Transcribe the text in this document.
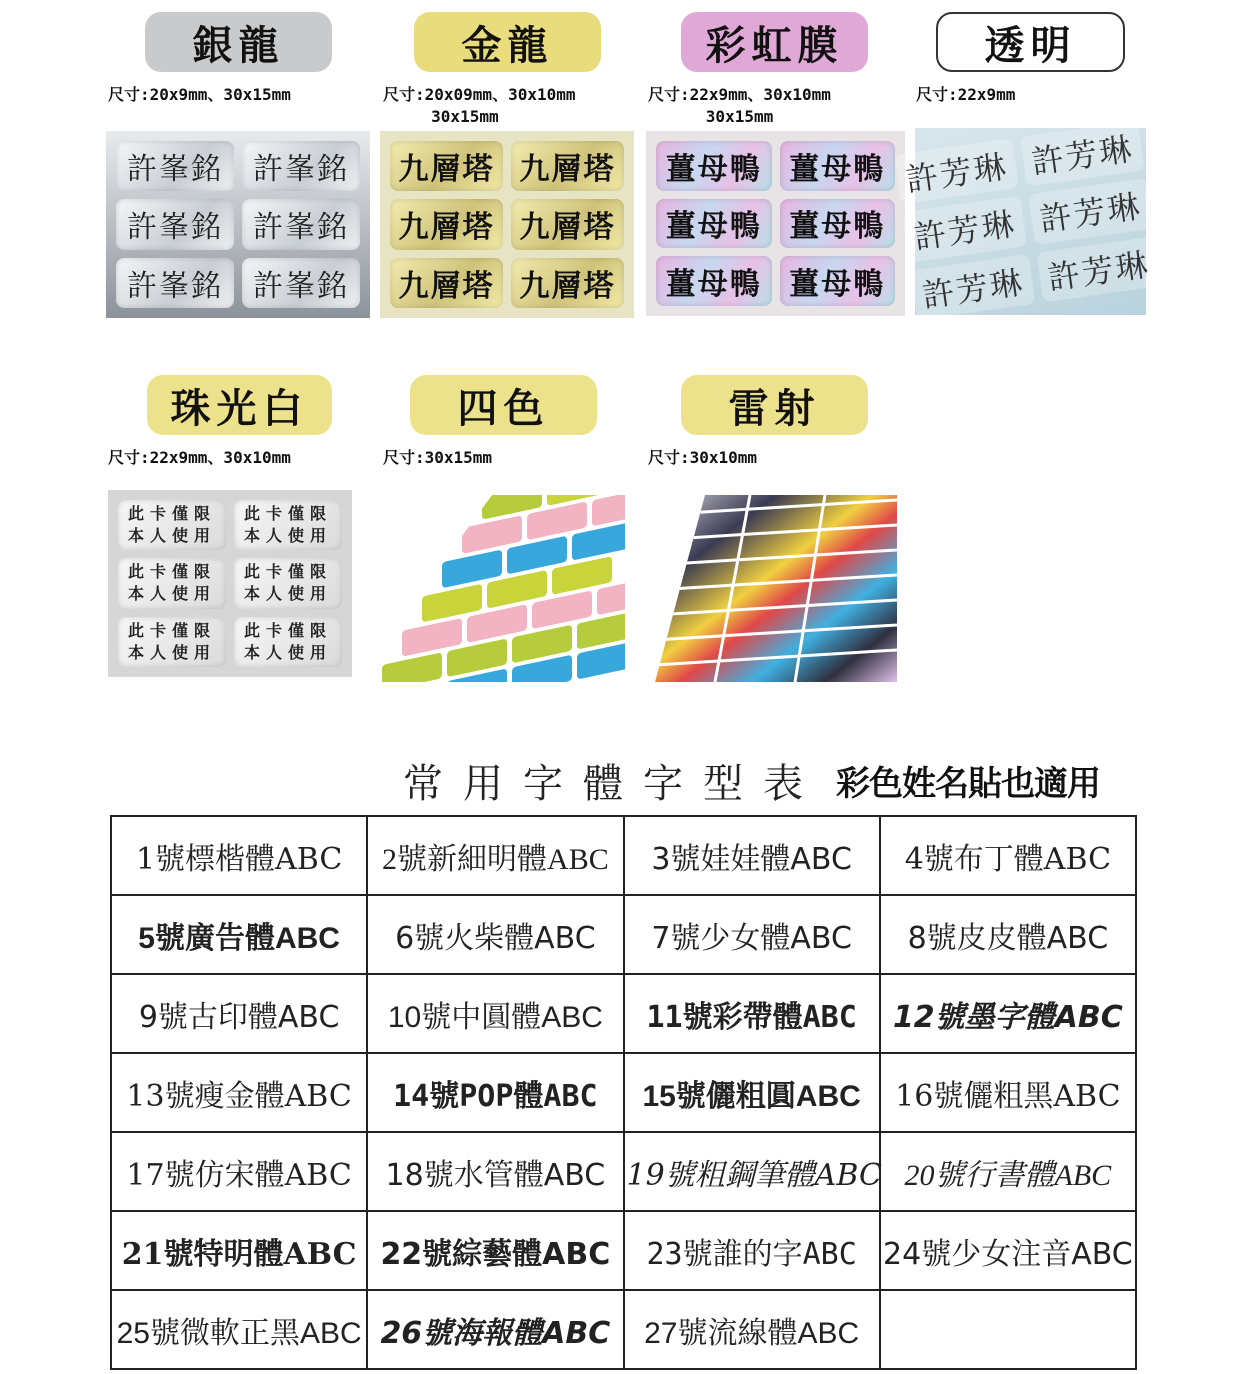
銀龍
尺寸:20x9mm、30x15mm
許峯銘	許峯銘
許峯銘	許峯銘
許峯銘	許峯銘
金龍
尺寸:20x09mm、30x10mm
30x15mm
九層塔 九層塔
九層塔 九層塔
九層塔 九層塔
彩虹膜
尺寸:22x9mm、30x10mm
30x15mm
薑母鴨 薑母鴨
薑母鴨 薑母鴨
薑母鴨 薑母鴨
透明
尺寸:22x9mm
許芳琳 許芳琳
許芳琳 許芳琳
許芳琳 許芳琳
珠光白
尺寸:22x9mm、30x10mm
此卡僅限
本人使用
此卡僅限
本人使用
此卡僅限
本人使用
此卡僅限
本人使用
此卡僅限
本人使用
此卡僅限
本人使用
四色
尺寸:30x15mm
雷射
尺寸:30x10mm
常用字體字型表 彩色姓名貼也適用
1號標楷體ABC	2號新細明體ABC	3號娃娃體ABC	4號布丁體ABC
5號廣告體ABC	6號火柴體ABC	7號少女體ABC	8號皮皮體ABC
9號古印體ABC	10號中圓體ABC	11號彩帶體ABC	12號墨字體ABC
13號瘦金體ABC	14號POP體ABC	15號儷粗圓ABC	16號儷粗黑ABC
17號仿宋體ABC	18號水管體ABC	19號粗鋼筆體ABC	20號行書體ABC
21號特明體ABC	22號綜藝體ABC	23號誰的字ABC	24號少女注音ABC
25號微軟正黑ABC	26號海報體ABC	27號流線體ABC	
